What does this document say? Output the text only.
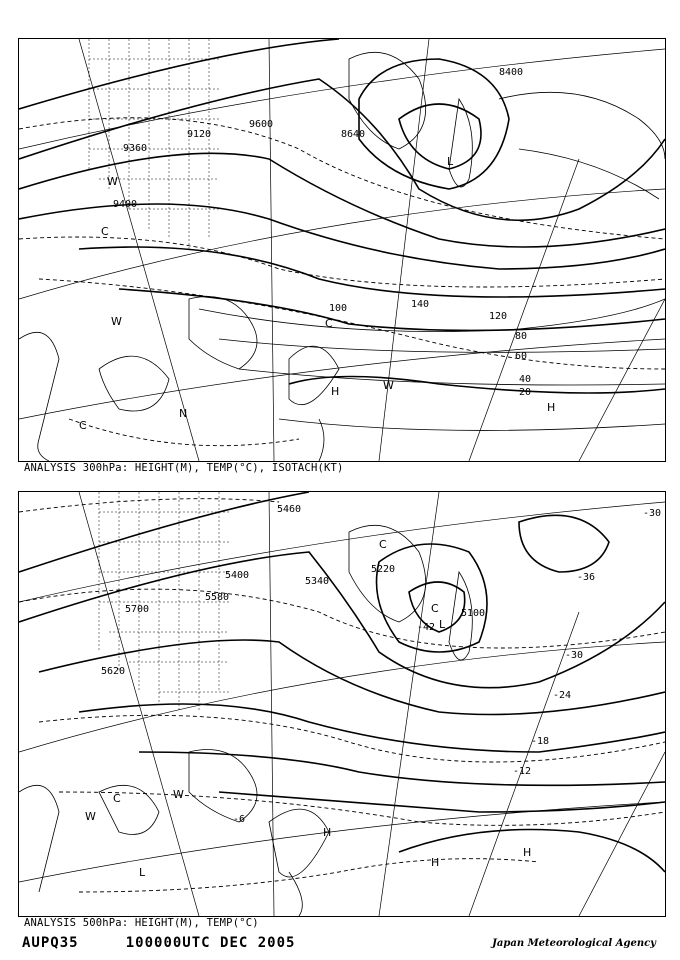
9120
9600
8640
9360
9400
8400
20
40
60
80
100
120
140
H
H
L
W
W
W
C
C
C
N
ANALYSIS 300hPa: HEIGHT(M), TEMP(°C), ISOTACH(KT)
5460
5400
5340
5220
5100
5700
5580
5620
-30
-36
-30
-24
-18
-12
-6
-42
H
H
H
L
L
W
W
C
C
C
ANALYSIS 500hPa: HEIGHT(M), TEMP(°C)
AUPQ35	100000UTC DEC 2005	Japan Meteorological Agency
